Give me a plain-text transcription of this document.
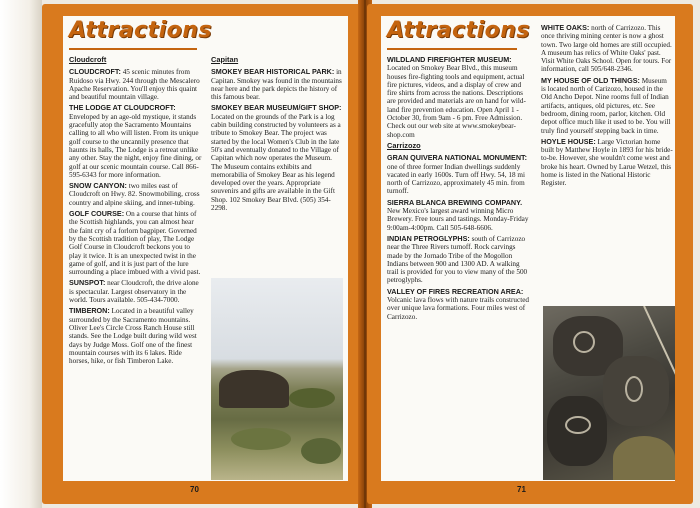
Attractions
Cloudcroft

CLOUDCROFT: 45 scenic minutes from Ruidoso via Hwy. 244 through the Mescalero Apache Reservation. You'll enjoy this quaint and beautiful mountain village.

THE LODGE AT CLOUDCROFT: Enveloped by an age-old mystique, it stands gracefully atop the Sacramento Mountains calling to all who will listen. From its unique golf course to the uncannily presence that haunts its halls, The Lodge is a retreat unlike any other. Stay the night, enjoy fine dining, or golf at our scenic mountain course. Call 866-595-6343 for more information.

SNOW CANYON: two miles east of Cloudcroft on Hwy. 82. Snowmobiling, cross country and alpine skiing, and inner-tubing.

GOLF COURSE: On a course that hints of the Scottish highlands, you can almost hear the faint cry of a forlorn bagpiper. Governed by the Scottish tradition of play, The Lodge Golf Course in Cloudcroft beckons you to play it twice. It is an unexpected twist in the game of golf, and it is just part of the lure surrounding a place imbued with a vivid past.

SUNSPOT: near Cloudcroft, the drive alone is spectacular. Largest observatory in the world. Tours available. 505-434-7000.

TIMBERON: Located in a beautiful valley surrounded by the Sacramento mountains. Oliver Lee's Circle Cross Ranch House still stands. See the Lodge built during wild west days by Judge Moss. Golf one of the finest mountain courses with its 6 lakes. Ride horses, hike, or fish Timberon Lake.

Capitan

SMOKEY BEAR HISTORICAL PARK: in Capitan. Smokey was found in the mountains near here and the park depicts the history of this famous bear.

SMOKEY BEAR MUSEUM/GIFT SHOP: Located on the grounds of the Park is a log cabin building constructed by volunteers as a tribute to Smokey Bear. The project was started by the local Women's Club in the late 50's and eventually donated to the Village of Capitan which now operates the Museum. The Museum contains exhibits and memorabilia of Smokey Bear as his legend developed over the years. Appropriate souvenirs and gifts are available in the Gift Shop. 102 Smokey Bear Blvd. (505) 354-2298.

70
Attractions

WILDLAND FIREFIGHTER MUSEUM: Located on Smokey Bear Blvd., this museum houses fire-fighting tools and equipment, actual fire pictures, videos, and a display of crew and fire shirts from across the nations. Descriptions are provided and materials are on hand for wild-land fire prevention education. Open April 1 - October 30, from 9am - 6 pm. Free Admission. Check out our web site at www.smokeybear-shop.com

Carrizozo

GRAN QUIVERA NATIONAL MONUMENT: one of three former Indian dwellings suddenly vacated in early 1600s. Turn off Hwy. 54, 18 mi north of Carrizozo, approximately 45 min. from turnoff.

SIERRA BLANCA BREWING COMPANY. New Mexico's largest award winning Micro Brewery. Free tours and tastings. Monday-Friday 9:00am-4:00pm. Call 505-648-6606.

INDIAN PETROGLYPHS: south of Carrizozo near the Three Rivers turnoff. Rock carvings made by the Jornado Tribe of the Mogollon Indians between 900 and 1300 AD. A walking trail is provided for you to view many of the 500 petroglyphs.

VALLEY OF FIRES RECREATION AREA: Volcanic lava flows with nature trails constructed over unique lava formations. Four miles west of Carrizozo.

WHITE OAKS: north of Carrizozo. This once thriving mining center is now a ghost town. Two large old homes are still occupied. A museum has relics of White Oaks' past. Visit White Oaks School. Open for tours. For information, call 505/648-2346.

MY HOUSE OF OLD THINGS: Museum is located north of Carizozo, housed in the Old Ancho Depot. Nine rooms full of Indian artifacts, antiques, old pictures, etc. See bedroom, dining room, parlor, kitchen. Old depot office much like it used to be. You will truly find yourself stepping back in time.

HOYLE HOUSE: Large Victorian home built by Matthew Hoyle in 1893 for his bride-to-be. However, she wouldn't come west and broke his heart. Owned by Larue Wetzel, this home is listed in the National Historic Register.

71
